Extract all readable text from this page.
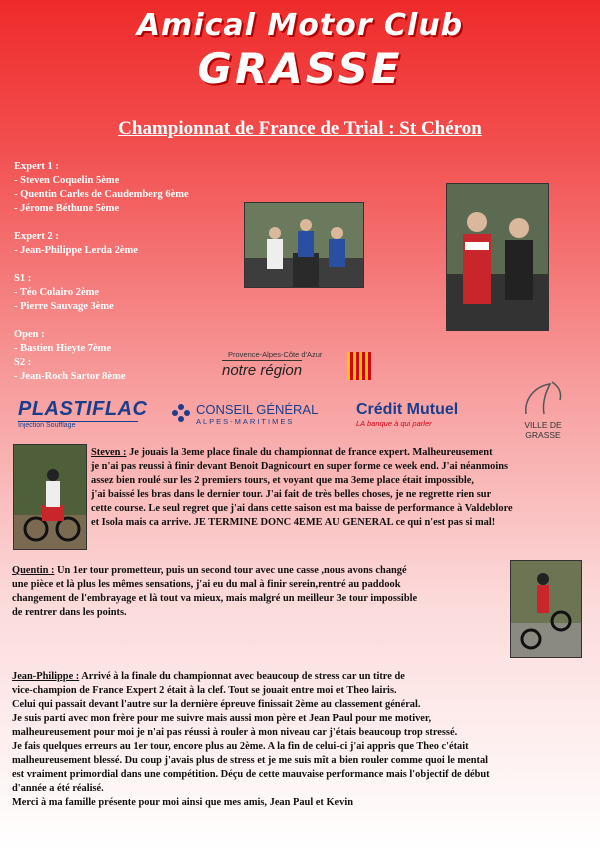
Amical Motor Club
GRASSE
Championnat de France de Trial : St Chéron
Expert 1 :
- Steven Coquelin 5ème
- Quentin Carles de Caudemberg 6ème
- Jérome Béthune 5ème
Expert 2 :
- Jean-Philippe Lerda 2ème
S1 :
- Téo Colairo 2ème
- Pierre Sauvage 3ème
Open :
- Bastien Hieyte 7ème
S2 :
- Jean-Roch Sartor 8ème
Provence-Alpes-Côte d'Azur
notre région
PLASTIFLAC
Injection Soufflage
CONSEIL GÉNÉRAL
ALPES-MARITIMES
Crédit Mutuel
LA banque à qui parler	VILLE DE GRASSE
Steven : Je jouais la 3eme place finale du championnat de france expert. Malheureusement
je n'ai pas reussi à finir devant Benoit Dagnicourt en super forme ce week end. J'ai néanmoins
assez bien roulé sur les 2 premiers tours, et voyant que ma 3eme place était impossible,
j'ai baissé les bras dans le dernier tour. J'ai fait de très belles choses, je ne regrette rien sur
cette course. Le seul regret que j'ai dans cette saison est ma baisse de performance à Valdeblore
et Isola mais ca arrive. JE TERMINE DONC 4EME AU GENERAL ce qui n'est pas si mal!
Quentin : Un 1er tour prometteur, puis un second tour avec une casse ,nous avons changé
une pièce et là plus les mêmes sensations, j'ai eu du mal à finir serein,rentré au paddook
changement de l'embrayage et là tout va mieux, mais malgré un meilleur 3e tour impossible
de rentrer dans les points.
Jean-Philippe : Arrivé à la finale du championnat avec beaucoup de stress car un titre de
vice-champion de France Expert 2 était à la clef. Tout se jouait entre moi et Theo lairis.
Celui qui passait devant l'autre sur la dernière épreuve finissait 2ème au classement général.
Je suis parti avec mon frère pour me suivre mais aussi mon père et Jean Paul pour me motiver,
malheureusement pour moi je n'ai pas réussi à rouler à mon niveau car j'étais beaucoup trop stressé.
Je fais quelques erreurs au 1er tour, encore plus au 2ème. A la fin de celui-ci j'ai appris que Theo c'était
malheureusement blessé. Du coup j'avais plus de stress et je me suis mît a bien rouler comme quoi le mental
est vraiment primordial dans une compétition. Déçu de cette mauvaise performance mais l'objectif de début
d'année a été réalisé.
Merci à ma famille présente pour moi ainsi que mes amis, Jean Paul et Kevin
